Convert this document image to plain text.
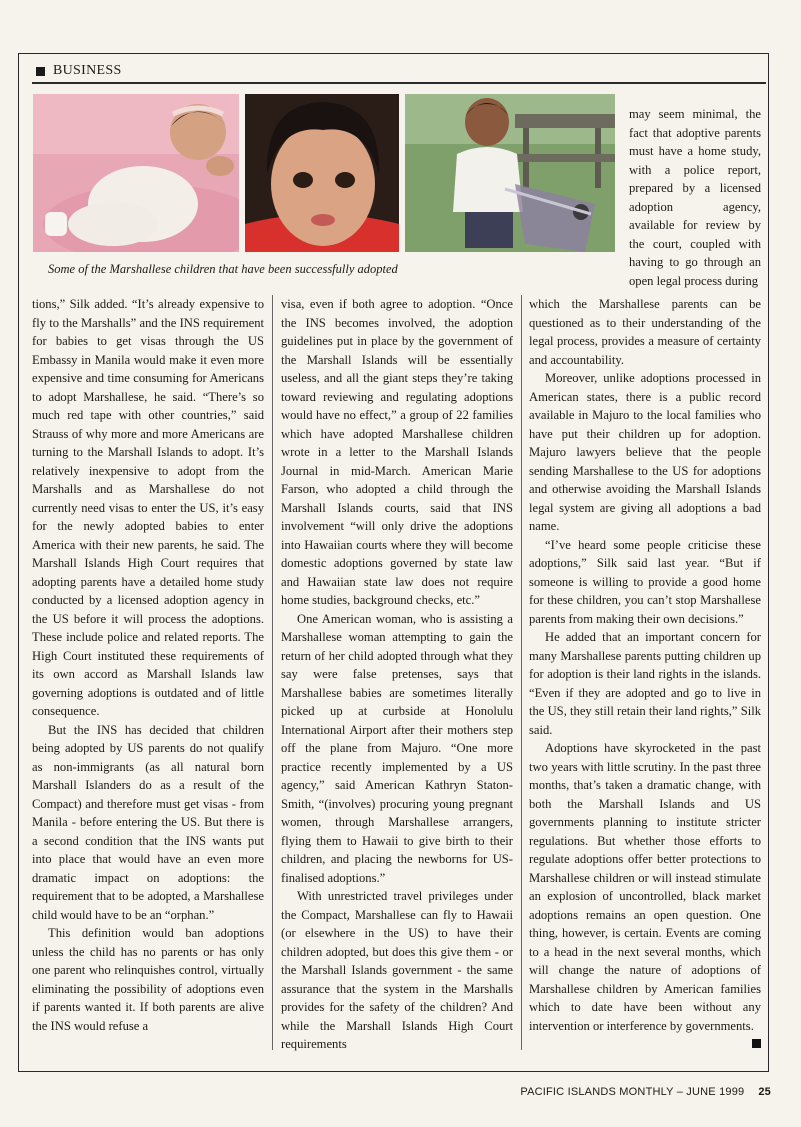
BUSINESS
Some of the Marshallese children that have been successfully adopted

may seem minimal, the fact that adoptive parents must have a home study, with a police report, prepared by a licensed adoption agency, available for review by the court, coupled with having to go through an open legal process during

tions,” Silk added. “It’s already expensive to fly to the Marshalls” and the INS requirement for babies to get visas through the US Embassy in Manila would make it even more expensive and time consuming for Americans to adopt Marshallese, he said. “There’s so much red tape with other countries,” said Strauss of why more and more Americans are turning to the Marshall Islands to adopt. It’s relatively inexpensive to adopt from the Marshalls and as Marshallese do not currently need visas to enter the US, it’s easy for the newly adopted babies to enter America with their new parents, he said. The Marshall Islands High Court requires that adopting parents have a detailed home study conducted by a licensed adoption agency in the US before it will process the adoptions. These include police and related reports. The High Court instituted these requirements of its own accord as Marshall Islands law governing adoptions is outdated and of little consequence.

But the INS has decided that children being adopted by US parents do not qualify as non-immigrants (as all natural born Marshall Islanders do as a result of the Compact) and therefore must get visas - from Manila - before entering the US. But there is a second condition that the INS wants put into place that would have an even more dramatic impact on adoptions: the requirement that to be adopted, a Marshallese child would have to be an “orphan.”

This definition would ban adoptions unless the child has no parents or has only one parent who relinquishes control, virtually eliminating the possibility of adoptions even if parents wanted it. If both parents are alive the INS would refuse a

visa, even if both agree to adoption. “Once the INS becomes involved, the adoption guidelines put in place by the government of the Marshall Islands will be essentially useless, and all the giant steps they’re taking toward reviewing and regulating adoptions would have no effect,” a group of 22 families which have adopted Marshallese children wrote in a letter to the Marshall Islands Journal in mid-March. American Marie Farson, who adopted a child through the Marshall Islands courts, said that INS involvement “will only drive the adoptions into Hawaiian courts where they will become domestic adoptions governed by state law and Hawaiian state law does not require home studies, background checks, etc.”

One American woman, who is assisting a Marshallese woman attempting to gain the return of her child adopted through what they say were false pretenses, says that Marshallese babies are sometimes literally picked up at curbside at Honolulu International Airport after their mothers step off the plane from Majuro. “One more practice recently implemented by a US agency,” said American Kathryn Staton-Smith, “(involves) procuring young pregnant women, through Marshallese arrangers, flying them to Hawaii to give birth to their children, and placing the newborns for US-finalised adoptions.”

With unrestricted travel privileges under the Compact, Marshallese can fly to Hawaii (or elsewhere in the US) to have their children adopted, but does this give them - or the Marshall Islands government - the same assurance that the system in the Marshalls provides for the safety of the children? And while the Marshall Islands High Court requirements

which the Marshallese parents can be questioned as to their understanding of the legal process, provides a measure of certainty and accountability.

Moreover, unlike adoptions processed in American states, there is a public record available in Majuro to the local families who have put their children up for adoption. Majuro lawyers believe that the people sending Marshallese to the US for adoptions and otherwise avoiding the Marshall Islands legal system are giving all adoptions a bad name.

“I’ve heard some people criticise these adoptions,” Silk said last year. “But if someone is willing to provide a good home for these children, you can’t stop Marshallese parents from making their own decisions.”

He added that an important concern for many Marshallese parents putting children up for adoption is their land rights in the islands. “Even if they are adopted and go to live in the US, they still retain their land rights,” Silk said.

Adoptions have skyrocketed in the past two years with little scrutiny. In the past three months, that’s taken a dramatic change, with both the Marshall Islands and US governments planning to institute stricter regulations. But whether those efforts to regulate adoptions offer better protections to Marshallese children or will instead stimulate an explosion of uncontrolled, black market adoptions remains an open question. One thing, however, is certain. Events are coming to a head in the next several months, which will change the nature of adoptions of Marshallese children by American families which to date have been without any intervention or interference by governments.

PACIFIC ISLANDS MONTHLY – JUNE 1999 25
